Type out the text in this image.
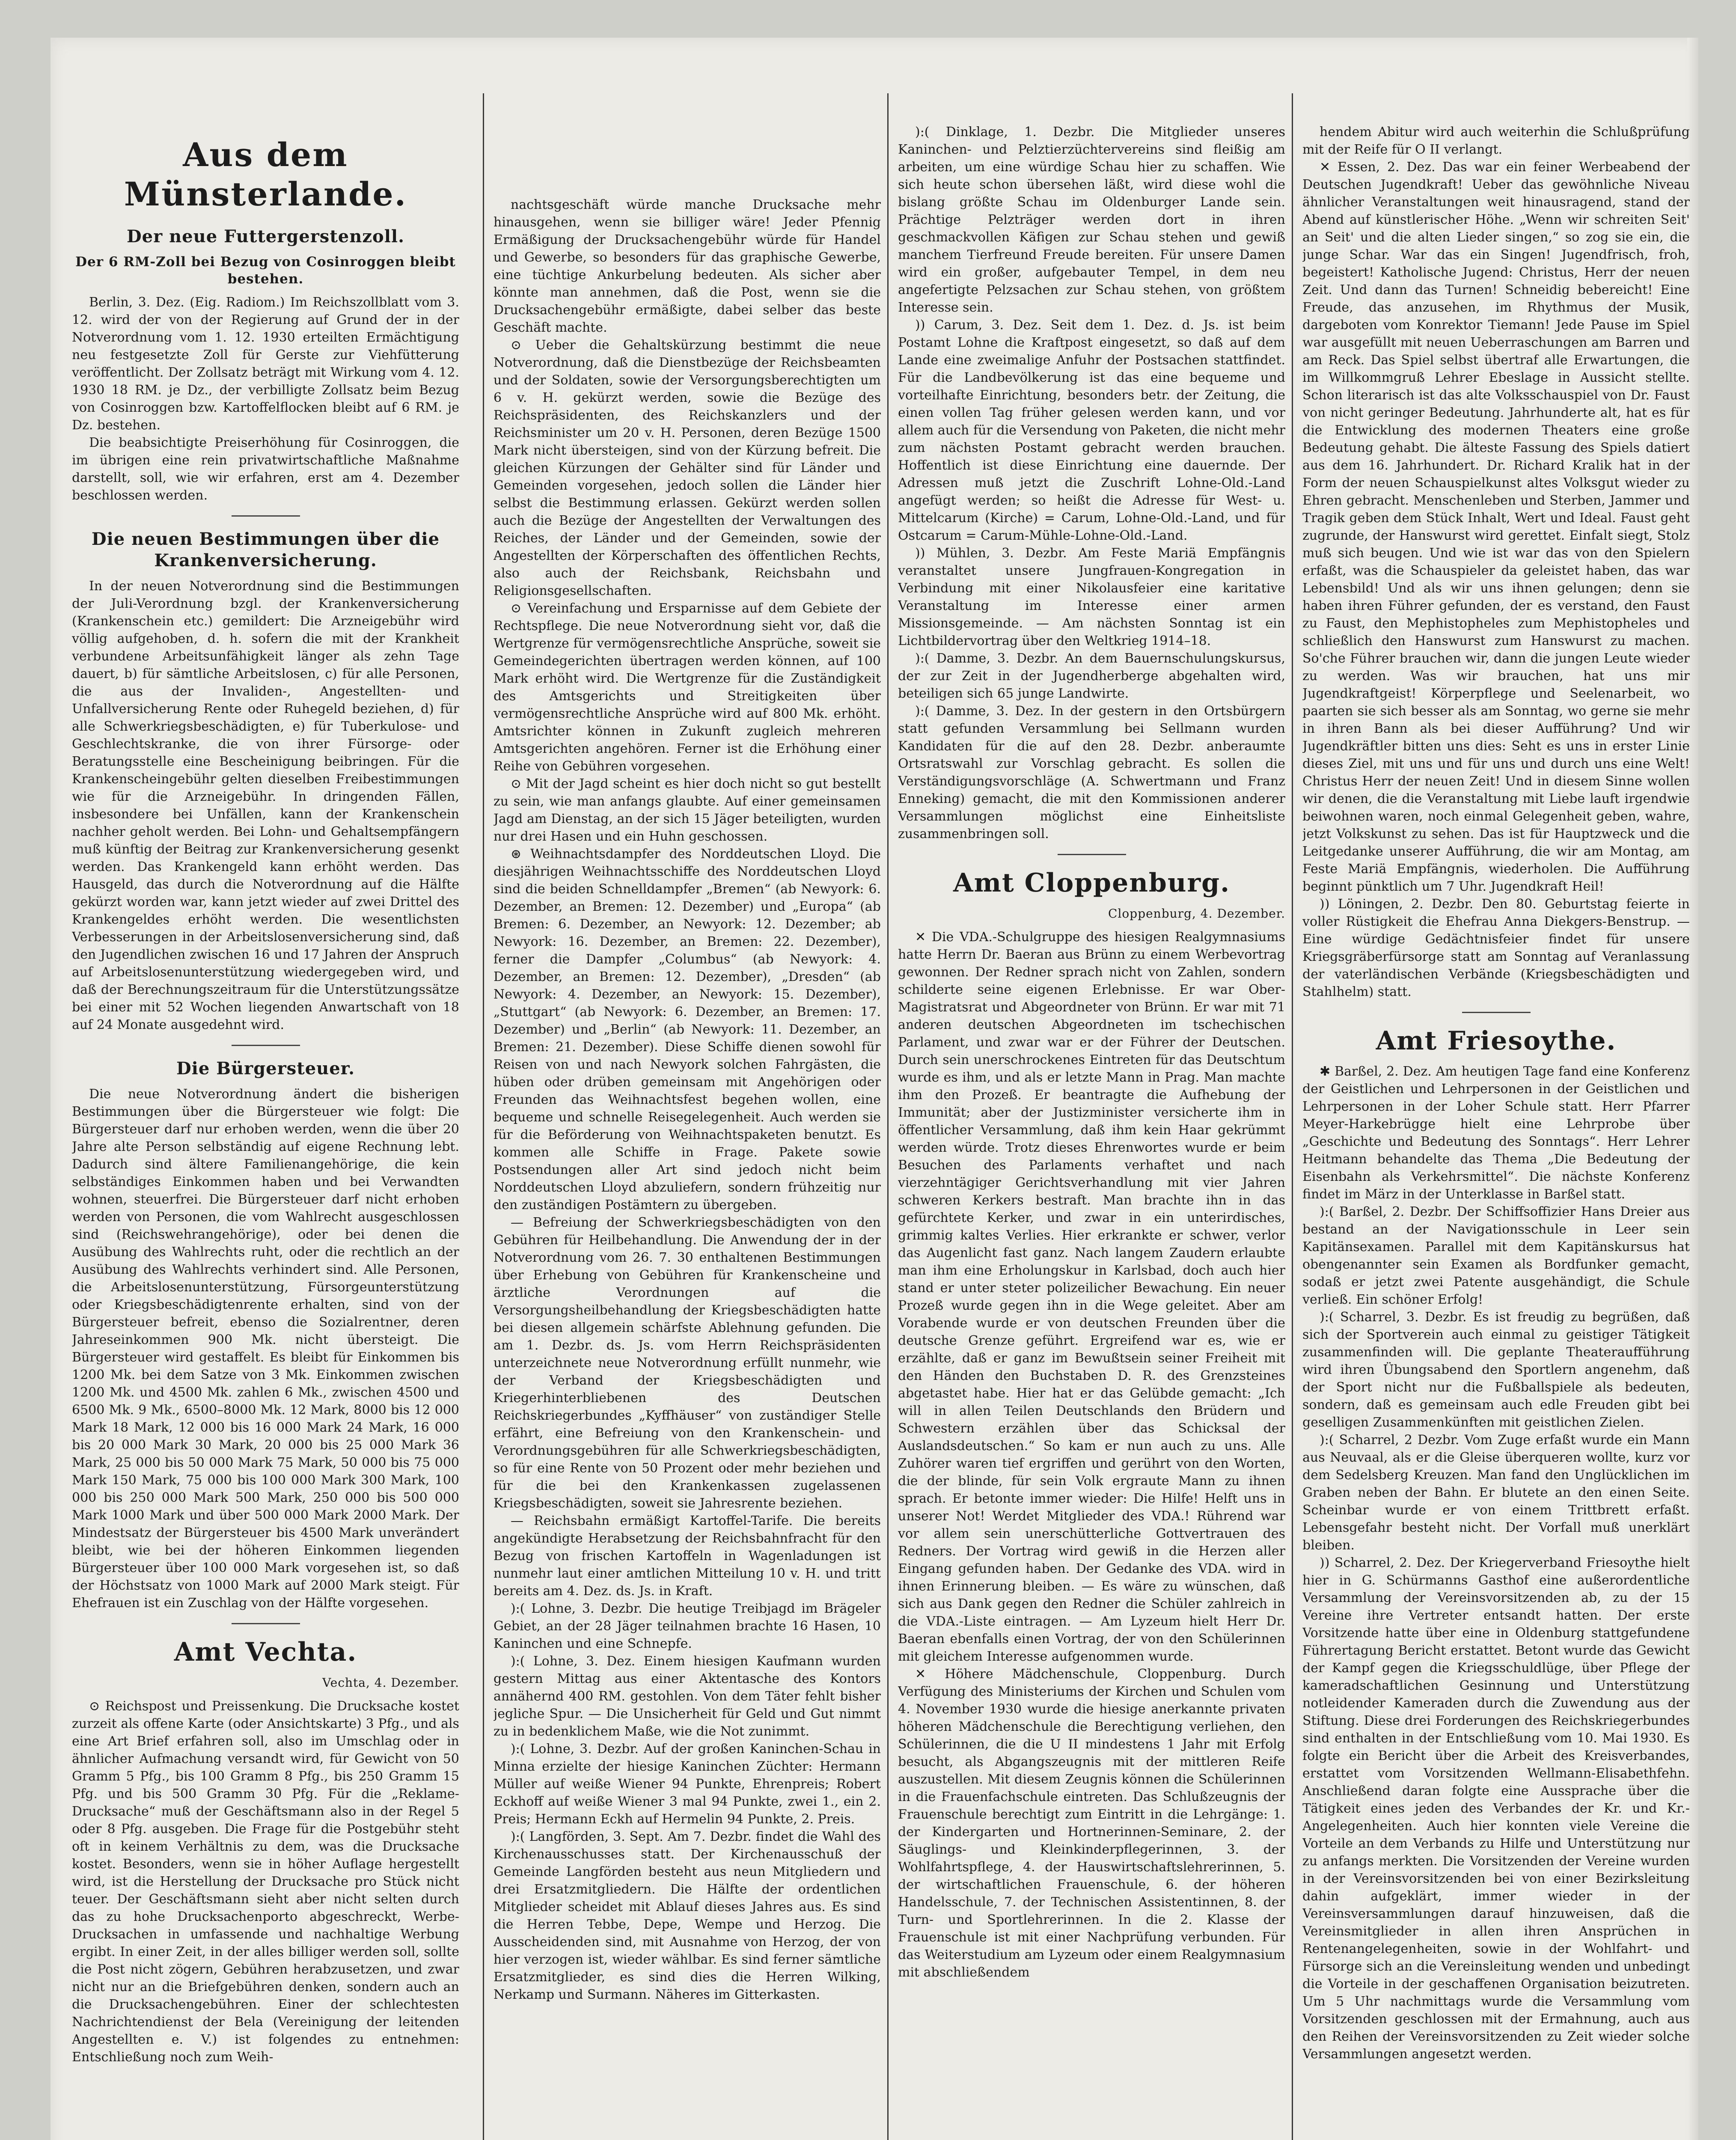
Aus dem Münsterlande.
Der neue Futtergerstenzoll.
Der 6 RM-Zoll bei Bezug von Cosinroggen bleibt bestehen.

Berlin, 3. Dez. (Eig. Radiom.) Im Reichszollblatt vom 3. 12. wird der von der Regierung auf Grund der in der Notverordnung vom 1. 12. 1930 erteilten Ermächtigung neu festgesetzte Zoll für Gerste zur Viehfütterung veröffentlicht. Der Zollsatz beträgt mit Wirkung vom 4. 12. 1930 18 RM. je Dz., der verbilligte Zollsatz beim Bezug von Cosinroggen bzw. Kartoffelflocken bleibt auf 6 RM. je Dz. bestehen.

Die beabsichtigte Preiserhöhung für Cosinroggen, die im übrigen eine rein privatwirtschaftliche Maßnahme darstellt, soll, wie wir erfahren, erst am 4. Dezember beschlossen werden.

Die neuen Bestimmungen über die Krankenversicherung.

In der neuen Notverordnung sind die Bestimmungen der Juli-Verordnung bzgl. der Krankenversicherung (Krankenschein etc.) gemildert: Die Arzneigebühr wird völlig aufgehoben, d. h. sofern die mit der Krankheit verbundene Arbeitsunfähigkeit länger als zehn Tage dauert, b) für sämtliche Arbeitslosen, c) für alle Personen, die aus der Invaliden-, Angestellten- und Unfallversicherung Rente oder Ruhegeld beziehen, d) für alle Schwerkriegsbeschädigten, e) für Tuberkulose- und Geschlechtskranke, die von ihrer Fürsorge- oder Beratungsstelle eine Bescheinigung beibringen. Für die Krankenscheingebühr gelten dieselben Freibestimmungen wie für die Arzneigebühr. In dringenden Fällen, insbesondere bei Unfällen, kann der Krankenschein nachher geholt werden. Bei Lohn- und Gehaltsempfängern muß künftig der Beitrag zur Krankenversicherung gesenkt werden. Das Krankengeld kann erhöht werden. Das Hausgeld, das durch die Notverordnung auf die Hälfte gekürzt worden war, kann jetzt wieder auf zwei Drittel des Krankengeldes erhöht werden. Die wesentlichsten Verbesserungen in der Arbeitslosenversicherung sind, daß den Jugendlichen zwischen 16 und 17 Jahren der Anspruch auf Arbeitslosenunterstützung wiedergegeben wird, und daß der Berechnungszeitraum für die Unterstützungssätze bei einer mit 52 Wochen liegenden Anwartschaft von 18 auf 24 Monate ausgedehnt wird.

Die Bürgersteuer.

Die neue Notverordnung ändert die bisherigen Bestimmungen über die Bürgersteuer wie folgt: Die Bürgersteuer darf nur erhoben werden, wenn die über 20 Jahre alte Person selbständig auf eigene Rechnung lebt. Dadurch sind ältere Familienangehörige, die kein selbständiges Einkommen haben und bei Verwandten wohnen, steuerfrei. Die Bürgersteuer darf nicht erhoben werden von Personen, die vom Wahlrecht ausgeschlossen sind (Reichswehrangehörige), oder bei denen die Ausübung des Wahlrechts ruht, oder die rechtlich an der Ausübung des Wahlrechts verhindert sind. Alle Personen, die Arbeitslosenunterstützung, Fürsorgeunterstützung oder Kriegsbeschädigtenrente erhalten, sind von der Bürgersteuer befreit, ebenso die Sozialrentner, deren Jahreseinkommen 900 Mk. nicht übersteigt. Die Bürgersteuer wird gestaffelt. Es bleibt für Einkommen bis 1200 Mk. bei dem Satze von 3 Mk. Einkommen zwischen 1200 Mk. und 4500 Mk. zahlen 6 Mk., zwischen 4500 und 6500 Mk. 9 Mk., 6500–8000 Mk. 12 Mark, 8000 bis 12 000 Mark 18 Mark, 12 000 bis 16 000 Mark 24 Mark, 16 000 bis 20 000 Mark 30 Mark, 20 000 bis 25 000 Mark 36 Mark, 25 000 bis 50 000 Mark 75 Mark, 50 000 bis 75 000 Mark 150 Mark, 75 000 bis 100 000 Mark 300 Mark, 100 000 bis 250 000 Mark 500 Mark, 250 000 bis 500 000 Mark 1000 Mark und über 500 000 Mark 2000 Mark. Der Mindestsatz der Bürgersteuer bis 4500 Mark unverändert bleibt, wie bei der höheren Einkommen liegenden Bürgersteuer über 100 000 Mark vorgesehen ist, so daß der Höchstsatz von 1000 Mark auf 2000 Mark steigt. Für Ehefrauen ist ein Zuschlag von der Hälfte vorgesehen.

Amt Vechta.
Vechta, 4. Dezember.

⊙ Reichspost und Preissenkung. Die Drucksache kostet zurzeit als offene Karte (oder Ansichtskarte) 3 Pfg., und als eine Art Brief erfahren soll, also im Umschlag oder in ähnlicher Aufmachung versandt wird, für Gewicht von 50 Gramm 5 Pfg., bis 100 Gramm 8 Pfg., bis 250 Gramm 15 Pfg. und bis 500 Gramm 30 Pfg. Für die „Reklame-Drucksache“ muß der Geschäftsmann also in der Regel 5 oder 8 Pfg. ausgeben. Die Frage für die Postgebühr steht oft in keinem Verhältnis zu dem, was die Drucksache kostet. Besonders, wenn sie in höher Auflage hergestellt wird, ist die Herstellung der Drucksache pro Stück nicht teuer. Der Geschäftsmann sieht aber nicht selten durch das zu hohe Drucksachenporto abgeschreckt, Werbe-Drucksachen in umfassende und nachhaltige Werbung ergibt. In einer Zeit, in der alles billiger werden soll, sollte die Post nicht zögern, Gebühren herabzusetzen, und zwar nicht nur an die Briefgebühren denken, sondern auch an die Drucksachengebühren. Einer der schlechtesten Nachrichtendienst der Bela (Vereinigung der leitenden Angestellten e. V.) ist folgendes zu entnehmen: Entschließung noch zum Weih-

nachtsgeschäft würde manche Drucksache mehr hinausgehen, wenn sie billiger wäre! Jeder Pfennig Ermäßigung der Drucksachengebühr würde für Handel und Gewerbe, so besonders für das graphische Gewerbe, eine tüchtige Ankurbelung bedeuten. Als sicher aber könnte man annehmen, daß die Post, wenn sie die Drucksachengebühr ermäßigte, dabei selber das beste Geschäft machte.

⊙ Ueber die Gehaltskürzung bestimmt die neue Notverordnung, daß die Dienstbezüge der Reichsbeamten und der Soldaten, sowie der Versorgungsberechtigten um 6 v. H. gekürzt werden, sowie die Bezüge des Reichspräsidenten, des Reichskanzlers und der Reichsminister um 20 v. H. Personen, deren Bezüge 1500 Mark nicht übersteigen, sind von der Kürzung befreit. Die gleichen Kürzungen der Gehälter sind für Länder und Gemeinden vorgesehen, jedoch sollen die Länder hier selbst die Bestimmung erlassen. Gekürzt werden sollen auch die Bezüge der Angestellten der Verwaltungen des Reiches, der Länder und der Gemeinden, sowie der Angestellten der Körperschaften des öffentlichen Rechts, also auch der Reichsbank, Reichsbahn und Religionsgesellschaften.

⊙ Vereinfachung und Ersparnisse auf dem Gebiete der Rechtspflege. Die neue Notverordnung sieht vor, daß die Wertgrenze für vermögensrechtliche Ansprüche, soweit sie Gemeindegerichten übertragen werden können, auf 100 Mark erhöht wird. Die Wertgrenze für die Zuständigkeit des Amtsgerichts und Streitigkeiten über vermögensrechtliche Ansprüche wird auf 800 Mk. erhöht. Amtsrichter können in Zukunft zugleich mehreren Amtsgerichten angehören. Ferner ist die Erhöhung einer Reihe von Gebühren vorgesehen.

⊙ Mit der Jagd scheint es hier doch nicht so gut bestellt zu sein, wie man anfangs glaubte. Auf einer gemeinsamen Jagd am Dienstag, an der sich 15 Jäger beteiligten, wurden nur drei Hasen und ein Huhn geschossen.

⊛ Weihnachtsdampfer des Norddeutschen Lloyd. Die diesjährigen Weihnachtsschiffe des Norddeutschen Lloyd sind die beiden Schnelldampfer „Bremen“ (ab Newyork: 6. Dezember, an Bremen: 12. Dezember) und „Europa“ (ab Bremen: 6. Dezember, an Newyork: 12. Dezember; ab Newyork: 16. Dezember, an Bremen: 22. Dezember), ferner die Dampfer „Columbus“ (ab Newyork: 4. Dezember, an Bremen: 12. Dezember), „Dresden“ (ab Newyork: 4. Dezember, an Newyork: 15. Dezember), „Stuttgart“ (ab Newyork: 6. Dezember, an Bremen: 17. Dezember) und „Berlin“ (ab Newyork: 11. Dezember, an Bremen: 21. Dezember). Diese Schiffe dienen sowohl für Reisen von und nach Newyork solchen Fahrgästen, die hüben oder drüben gemeinsam mit Angehörigen oder Freunden das Weihnachtsfest begehen wollen, eine bequeme und schnelle Reisegelegenheit. Auch werden sie für die Beförderung von Weihnachtspaketen benutzt. Es kommen alle Schiffe in Frage. Pakete sowie Postsendungen aller Art sind jedoch nicht beim Norddeutschen Lloyd abzuliefern, sondern frühzeitig nur den zuständigen Postämtern zu übergeben.

— Befreiung der Schwerkriegsbeschädigten von den Gebühren für Heilbehandlung. Die Anwendung der in der Notverordnung vom 26. 7. 30 enthaltenen Bestimmungen über Erhebung von Gebühren für Krankenscheine und ärztliche Verordnungen auf die Versorgungsheilbehandlung der Kriegsbeschädigten hatte bei diesen allgemein schärfste Ablehnung gefunden. Die am 1. Dezbr. ds. Js. vom Herrn Reichspräsidenten unterzeichnete neue Notverordnung erfüllt nunmehr, wie der Verband der Kriegsbeschädigten und Kriegerhinterbliebenen des Deutschen Reichskriegerbundes „Kyffhäuser“ von zuständiger Stelle erfährt, eine Befreiung von den Krankenschein- und Verordnungsgebühren für alle Schwerkriegsbeschädigten, so für eine Rente von 50 Prozent oder mehr beziehen und für die bei den Krankenkassen zugelassenen Kriegsbeschädigten, soweit sie Jahresrente beziehen.

— Reichsbahn ermäßigt Kartoffel-Tarife. Die bereits angekündigte Herabsetzung der Reichsbahnfracht für den Bezug von frischen Kartoffeln in Wagenladungen ist nunmehr laut einer amtlichen Mitteilung 10 v. H. und tritt bereits am 4. Dez. ds. Js. in Kraft.

):( Lohne, 3. Dezbr. Die heutige Treibjagd im Brägeler Gebiet, an der 28 Jäger teilnahmen brachte 16 Hasen, 10 Kaninchen und eine Schnepfe.

):( Lohne, 3. Dez. Einem hiesigen Kaufmann wurden gestern Mittag aus einer Aktentasche des Kontors annähernd 400 RM. gestohlen. Von dem Täter fehlt bisher jegliche Spur. — Die Unsicherheit für Geld und Gut nimmt zu in bedenklichem Maße, wie die Not zunimmt.

):( Lohne, 3. Dezbr. Auf der großen Kaninchen-Schau in Minna erzielte der hiesige Kaninchen Züchter: Hermann Müller auf weiße Wiener 94 Punkte, Ehrenpreis; Robert Eckhoff auf weiße Wiener 3 mal 94 Punkte, zwei 1., ein 2. Preis; Hermann Eckh auf Hermelin 94 Punkte, 2. Preis.

):( Langförden, 3. Sept. Am 7. Dezbr. findet die Wahl des Kirchenausschusses statt. Der Kirchenausschuß der Gemeinde Langförden besteht aus neun Mitgliedern und drei Ersatzmitgliedern. Die Hälfte der ordentlichen Mitglieder scheidet mit Ablauf dieses Jahres aus. Es sind die Herren Tebbe, Depe, Wempe und Herzog. Die Ausscheidenden sind, mit Ausnahme von Herzog, der von hier verzogen ist, wieder wählbar. Es sind ferner sämtliche Ersatzmitglieder, es sind dies die Herren Wilking, Nerkamp und Surmann. Näheres im Gitterkasten.

):( Dinklage, 1. Dezbr. Die Mitglieder unseres Kaninchen- und Pelztierzüchtervereins sind fleißig am arbeiten, um eine würdige Schau hier zu schaffen. Wie sich heute schon übersehen läßt, wird diese wohl die bislang größte Schau im Oldenburger Lande sein. Prächtige Pelzträger werden dort in ihren geschmackvollen Käfigen zur Schau stehen und gewiß manchem Tierfreund Freude bereiten. Für unsere Damen wird ein großer, aufgebauter Tempel, in dem neu angefertigte Pelzsachen zur Schau stehen, von größtem Interesse sein.

)) Carum, 3. Dez. Seit dem 1. Dez. d. Js. ist beim Postamt Lohne die Kraftpost eingesetzt, so daß auf dem Lande eine zweimalige Anfuhr der Postsachen stattfindet. Für die Landbevölkerung ist das eine bequeme und vorteilhafte Einrichtung, besonders betr. der Zeitung, die einen vollen Tag früher gelesen werden kann, und vor allem auch für die Versendung von Paketen, die nicht mehr zum nächsten Postamt gebracht werden brauchen. Hoffentlich ist diese Einrichtung eine dauernde. Der Adressen muß jetzt die Zuschrift Lohne-Old.-Land angefügt werden; so heißt die Adresse für West- u. Mittelcarum (Kirche) = Carum, Lohne-Old.-Land, und für Ostcarum = Carum-Mühle-Lohne-Old.-Land.

)) Mühlen, 3. Dezbr. Am Feste Mariä Empfängnis veranstaltet unsere Jungfrauen-Kongregation in Verbindung mit einer Nikolausfeier eine karitative Veranstaltung im Interesse einer armen Missionsgemeinde. — Am nächsten Sonntag ist ein Lichtbildervortrag über den Weltkrieg 1914–18.

):( Damme, 3. Dezbr. An dem Bauernschulungskursus, der zur Zeit in der Jugendherberge abgehalten wird, beteiligen sich 65 junge Landwirte.

):( Damme, 3. Dez. In der gestern in den Ortsbürgern statt gefunden Versammlung bei Sellmann wurden Kandidaten für die auf den 28. Dezbr. anberaumte Ortsratswahl zur Vorschlag gebracht. Es sollen die Verständigungsvorschläge (A. Schwertmann und Franz Enneking) gemacht, die mit den Kommissionen anderer Versammlungen möglichst eine Einheitsliste zusammenbringen soll.

Amt Cloppenburg.
Cloppenburg, 4. Dezember.

✕ Die VDA.-Schulgruppe des hiesigen Realgymnasiums hatte Herrn Dr. Baeran aus Brünn zu einem Werbevortrag gewonnen. Der Redner sprach nicht von Zahlen, sondern schilderte seine eigenen Erlebnisse. Er war Ober-Magistratsrat und Abgeordneter von Brünn. Er war mit 71 anderen deutschen Abgeordneten im tschechischen Parlament, und zwar war er der Führer der Deutschen. Durch sein unerschrockenes Eintreten für das Deutschtum wurde es ihm, und als er letzte Mann in Prag. Man machte ihm den Prozeß. Er beantragte die Aufhebung der Immunität; aber der Justizminister versicherte ihm in öffentlicher Versammlung, daß ihm kein Haar gekrümmt werden würde. Trotz dieses Ehrenwortes wurde er beim Besuchen des Parlaments verhaftet und nach vierzehntägiger Gerichtsverhandlung mit vier Jahren schweren Kerkers bestraft. Man brachte ihn in das gefürchtete Kerker, und zwar in ein unterirdisches, grimmig kaltes Verlies. Hier erkrankte er schwer, verlor das Augenlicht fast ganz. Nach langem Zaudern erlaubte man ihm eine Erholungskur in Karlsbad, doch auch hier stand er unter steter polizeilicher Bewachung. Ein neuer Prozeß wurde gegen ihn in die Wege geleitet. Aber am Vorabende wurde er von deutschen Freunden über die deutsche Grenze geführt. Ergreifend war es, wie er erzählte, daß er ganz im Bewußtsein seiner Freiheit mit den Händen den Buchstaben D. R. des Grenzsteines abgetastet habe. Hier hat er das Gelübde gemacht: „Ich will in allen Teilen Deutschlands den Brüdern und Schwestern erzählen über das Schicksal der Auslandsdeutschen.“ So kam er nun auch zu uns. Alle Zuhörer waren tief ergriffen und gerührt von den Worten, die der blinde, für sein Volk ergraute Mann zu ihnen sprach. Er betonte immer wieder: Die Hilfe! Helft uns in unserer Not! Werdet Mitglieder des VDA.! Rührend war vor allem sein unerschütterliche Gottvertrauen des Redners. Der Vortrag wird gewiß in die Herzen aller Eingang gefunden haben. Der Gedanke des VDA. wird in ihnen Erinnerung bleiben. — Es wäre zu wünschen, daß sich aus Dank gegen den Redner die Schüler zahlreich in die VDA.-Liste eintragen. — Am Lyzeum hielt Herr Dr. Baeran ebenfalls einen Vortrag, der von den Schülerinnen mit gleichem Interesse aufgenommen wurde.

✕ Höhere Mädchenschule, Cloppenburg. Durch Verfügung des Ministeriums der Kirchen und Schulen vom 4. November 1930 wurde die hiesige anerkannte privaten höheren Mädchenschule die Berechtigung verliehen, den Schülerinnen, die die U II mindestens 1 Jahr mit Erfolg besucht, als Abgangszeugnis mit der mittleren Reife auszustellen. Mit diesem Zeugnis können die Schülerinnen in die Frauenfachschule eintreten. Das Schlußzeugnis der Frauenschule berechtigt zum Eintritt in die Lehrgänge: 1. der Kindergarten und Hortnerinnen-Seminare, 2. der Säuglings- und Kleinkinderpflegerinnen, 3. der Wohlfahrtspflege, 4. der Hauswirtschaftslehrerinnen, 5. der wirtschaftlichen Frauenschule, 6. der höheren Handelsschule, 7. der Technischen Assistentinnen, 8. der Turn- und Sportlehrerinnen. In die 2. Klasse der Frauenschule ist mit einer Nachprüfung verbunden. Für das Weiterstudium am Lyzeum oder einem Realgymnasium mit abschließendem

hendem Abitur wird auch weiterhin die Schlußprüfung mit der Reife für O II verlangt.

✕ Essen, 2. Dez. Das war ein feiner Werbeabend der Deutschen Jugendkraft! Ueber das gewöhnliche Niveau ähnlicher Veranstaltungen weit hinausragend, stand der Abend auf künstlerischer Höhe. „Wenn wir schreiten Seit' an Seit' und die alten Lieder singen,“ so zog sie ein, die junge Schar. War das ein Singen! Jugendfrisch, froh, begeistert! Katholische Jugend: Christus, Herr der neuen Zeit. Und dann das Turnen! Schneidig bebereicht! Eine Freude, das anzusehen, im Rhythmus der Musik, dargeboten vom Konrektor Tiemann! Jede Pause im Spiel war ausgefüllt mit neuen Ueberraschungen am Barren und am Reck. Das Spiel selbst übertraf alle Erwartungen, die im Willkommgruß Lehrer Ebeslage in Aussicht stellte. Schon literarisch ist das alte Volksschauspiel von Dr. Faust von nicht geringer Bedeutung. Jahrhunderte alt, hat es für die Entwicklung des modernen Theaters eine große Bedeutung gehabt. Die älteste Fassung des Spiels datiert aus dem 16. Jahrhundert. Dr. Richard Kralik hat in der Form der neuen Schauspielkunst altes Volksgut wieder zu Ehren gebracht. Menschenleben und Sterben, Jammer und Tragik geben dem Stück Inhalt, Wert und Ideal. Faust geht zugrunde, der Hanswurst wird gerettet. Einfalt siegt, Stolz muß sich beugen. Und wie ist war das von den Spielern erfaßt, was die Schauspieler da geleistet haben, das war Lebensbild! Und als wir uns ihnen gelungen; denn sie haben ihren Führer gefunden, der es verstand, den Faust zu Faust, den Mephistopheles zum Mephistopheles und schließlich den Hanswurst zum Hanswurst zu machen. So'che Führer brauchen wir, dann die jungen Leute wieder zu werden. Was wir brauchen, hat uns mir Jugendkraftgeist! Körperpflege und Seelenarbeit, wo paarten sie sich besser als am Sonntag, wo gerne sie mehr in ihren Bann als bei dieser Aufführung? Und wir Jugendkräftler bitten uns dies: Seht es uns in erster Linie dieses Ziel, mit uns und für uns und durch uns eine Welt! Christus Herr der neuen Zeit! Und in diesem Sinne wollen wir denen, die die Veranstaltung mit Liebe lauft irgendwie beiwohnen waren, noch einmal Gelegenheit geben, wahre, jetzt Volkskunst zu sehen. Das ist für Hauptzweck und die Leitgedanke unserer Aufführung, die wir am Montag, am Feste Mariä Empfängnis, wiederholen. Die Aufführung beginnt pünktlich um 7 Uhr. Jugendkraft Heil!

)) Löningen, 2. Dezbr. Den 80. Geburtstag feierte in voller Rüstigkeit die Ehefrau Anna Diekgers-Benstrup. — Eine würdige Gedächtnisfeier findet für unsere Kriegsgräberfürsorge statt am Sonntag auf Veranlassung der vaterländischen Verbände (Kriegsbeschädigten und Stahlhelm) statt.

Amt Friesoythe.

✱ Barßel, 2. Dez. Am heutigen Tage fand eine Konferenz der Geistlichen und Lehrpersonen in der Geistlichen und Lehrpersonen in der Loher Schule statt. Herr Pfarrer Meyer-Harkebrügge hielt eine Lehrprobe über „Geschichte und Bedeutung des Sonntags“. Herr Lehrer Heitmann behandelte das Thema „Die Bedeutung der Eisenbahn als Verkehrsmittel“. Die nächste Konferenz findet im März in der Unterklasse in Barßel statt.

):( Barßel, 2. Dezbr. Der Schiffsoffizier Hans Dreier aus bestand an der Navigationsschule in Leer sein Kapitänsexamen. Parallel mit dem Kapitänskursus hat obengenannter sein Examen als Bordfunker gemacht, sodaß er jetzt zwei Patente ausgehändigt, die Schule verließ. Ein schöner Erfolg!

):( Scharrel, 3. Dezbr. Es ist freudig zu begrüßen, daß sich der Sportverein auch einmal zu geistiger Tätigkeit zusammenfinden will. Die geplante Theateraufführung wird ihren Übungsabend den Sportlern angenehm, daß der Sport nicht nur die Fußballspiele als bedeuten, sondern, daß es gemeinsam auch edle Freuden gibt bei geselligen Zusammenkünften mit geistlichen Zielen.

):( Scharrel, 2 Dezbr. Vom Zuge erfaßt wurde ein Mann aus Neuvaal, als er die Gleise überqueren wollte, kurz vor dem Sedelsberg Kreuzen. Man fand den Unglücklichen im Graben neben der Bahn. Er blutete an den einen Seite. Scheinbar wurde er von einem Trittbrett erfaßt. Lebensgefahr besteht nicht. Der Vorfall muß unerklärt bleiben.

)) Scharrel, 2. Dez. Der Kriegerverband Friesoythe hielt hier in G. Schürmanns Gasthof eine außerordentliche Versammlung der Vereinsvorsitzenden ab, zu der 15 Vereine ihre Vertreter entsandt hatten. Der erste Vorsitzende hatte über eine in Oldenburg stattgefundene Führertagung Bericht erstattet. Betont wurde das Gewicht der Kampf gegen die Kriegsschuldlüge, über Pflege der kameradschaftlichen Gesinnung und Unterstützung notleidender Kameraden durch die Zuwendung aus der Stiftung. Diese drei Forderungen des Reichskriegerbundes sind enthalten in der Entschließung vom 10. Mai 1930. Es folgte ein Bericht über die Arbeit des Kreisverbandes, erstattet vom Vorsitzenden Wellmann-Elisabethfehn. Anschließend daran folgte eine Aussprache über die Tätigkeit eines jeden des Verbandes der Kr. und Kr.-Angelegenheiten. Auch hier konnten viele Vereine die Vorteile an dem Verbands zu Hilfe und Unterstützung nur zu anfangs merkten. Die Vorsitzenden der Vereine wurden in der Vereinsvorsitzenden bei von einer Bezirksleitung dahin aufgeklärt, immer wieder in der Vereinsversammlungen darauf hinzuweisen, daß die Vereinsmitglieder in allen ihren Ansprüchen in Rentenangelegenheiten, sowie in der Wohlfahrt- und Fürsorge sich an die Vereinsleitung wenden und unbedingt die Vorteile in der geschaffenen Organisation beizutreten. Um 5 Uhr nachmittags wurde die Versammlung vom Vorsitzenden geschlossen mit der Ermahnung, auch aus den Reihen der Vereinsvorsitzenden zu Zeit wieder solche Versammlungen angesetzt werden.
